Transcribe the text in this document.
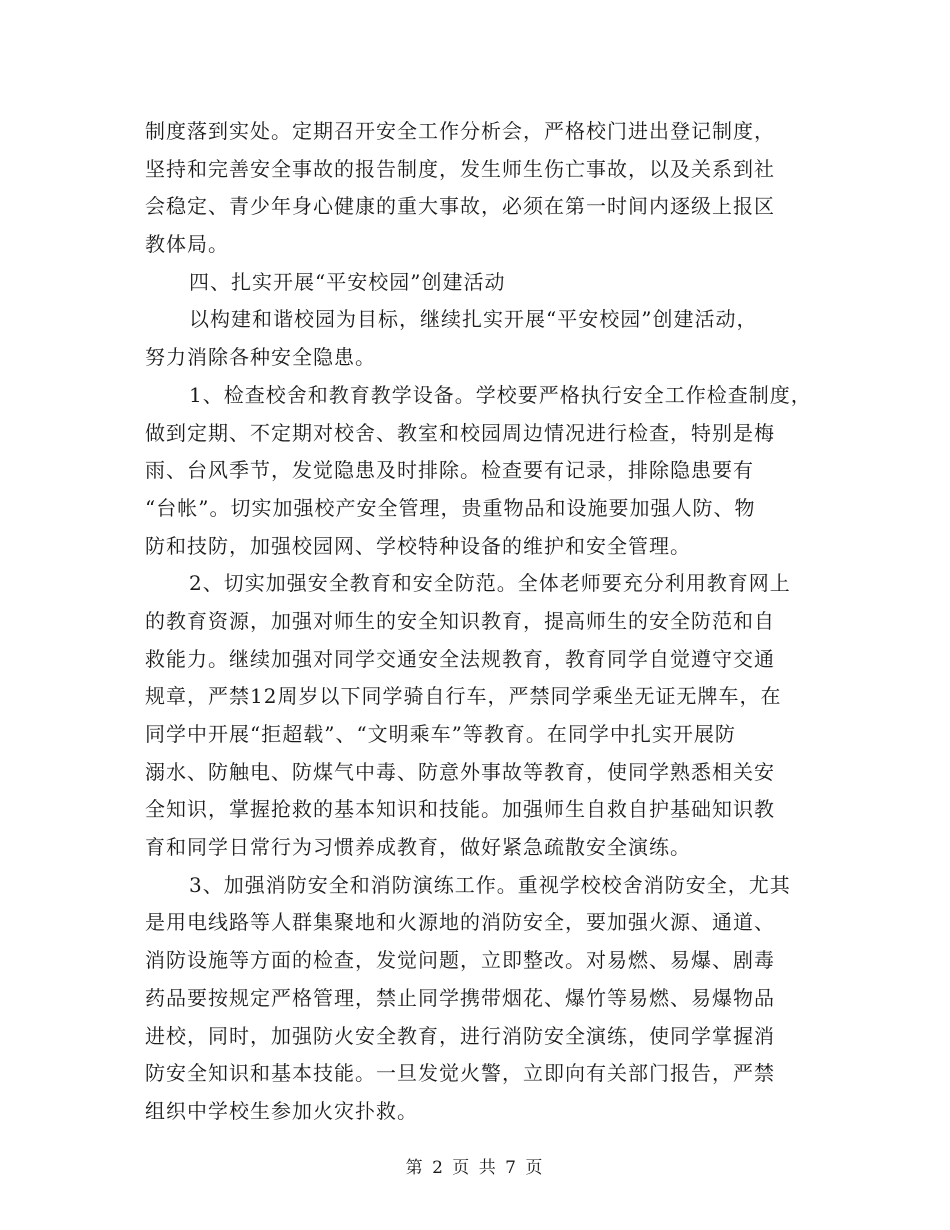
制度落到实处。定期召开安全工作分析会，严格校门进出登记制度，
坚持和完善安全事故的报告制度，发生师生伤亡事故，以及关系到社
会稳定、青少年身心健康的重大事故，必须在第一时间内逐级上报区
教体局。
四、扎实开展“平安校园”创建活动
以构建和谐校园为目标，继续扎实开展“平安校园”创建活动，
努力消除各种安全隐患。
1、检查校舍和教育教学设备。学校要严格执行安全工作检查制度，
做到定期、不定期对校舍、教室和校园周边情况进行检查，特别是梅
雨、台风季节，发觉隐患及时排除。检查要有记录，排除隐患要有
“台帐”。切实加强校产安全管理，贵重物品和设施要加强人防、物
防和技防，加强校园网、学校特种设备的维护和安全管理。
2、切实加强安全教育和安全防范。全体老师要充分利用教育网上
的教育资源，加强对师生的安全知识教育，提高师生的安全防范和自
救能力。继续加强对同学交通安全法规教育，教育同学自觉遵守交通
规章，严禁12周岁以下同学骑自行车，严禁同学乘坐无证无牌车，在
同学中开展“拒超载”、“文明乘车”等教育。在同学中扎实开展防
溺水、防触电、防煤气中毒、防意外事故等教育，使同学熟悉相关安
全知识，掌握抢救的基本知识和技能。加强师生自救自护基础知识教
育和同学日常行为习惯养成教育，做好紧急疏散安全演练。
3、加强消防安全和消防演练工作。重视学校校舍消防安全，尤其
是用电线路等人群集聚地和火源地的消防安全，要加强火源、通道、
消防设施等方面的检查，发觉问题，立即整改。对易燃、易爆、剧毒
药品要按规定严格管理，禁止同学携带烟花、爆竹等易燃、易爆物品
进校，同时，加强防火安全教育，进行消防安全演练，使同学掌握消
防安全知识和基本技能。一旦发觉火警，立即向有关部门报告，严禁
组织中学校生参加火灾扑救。
第 2 页 共 7 页
